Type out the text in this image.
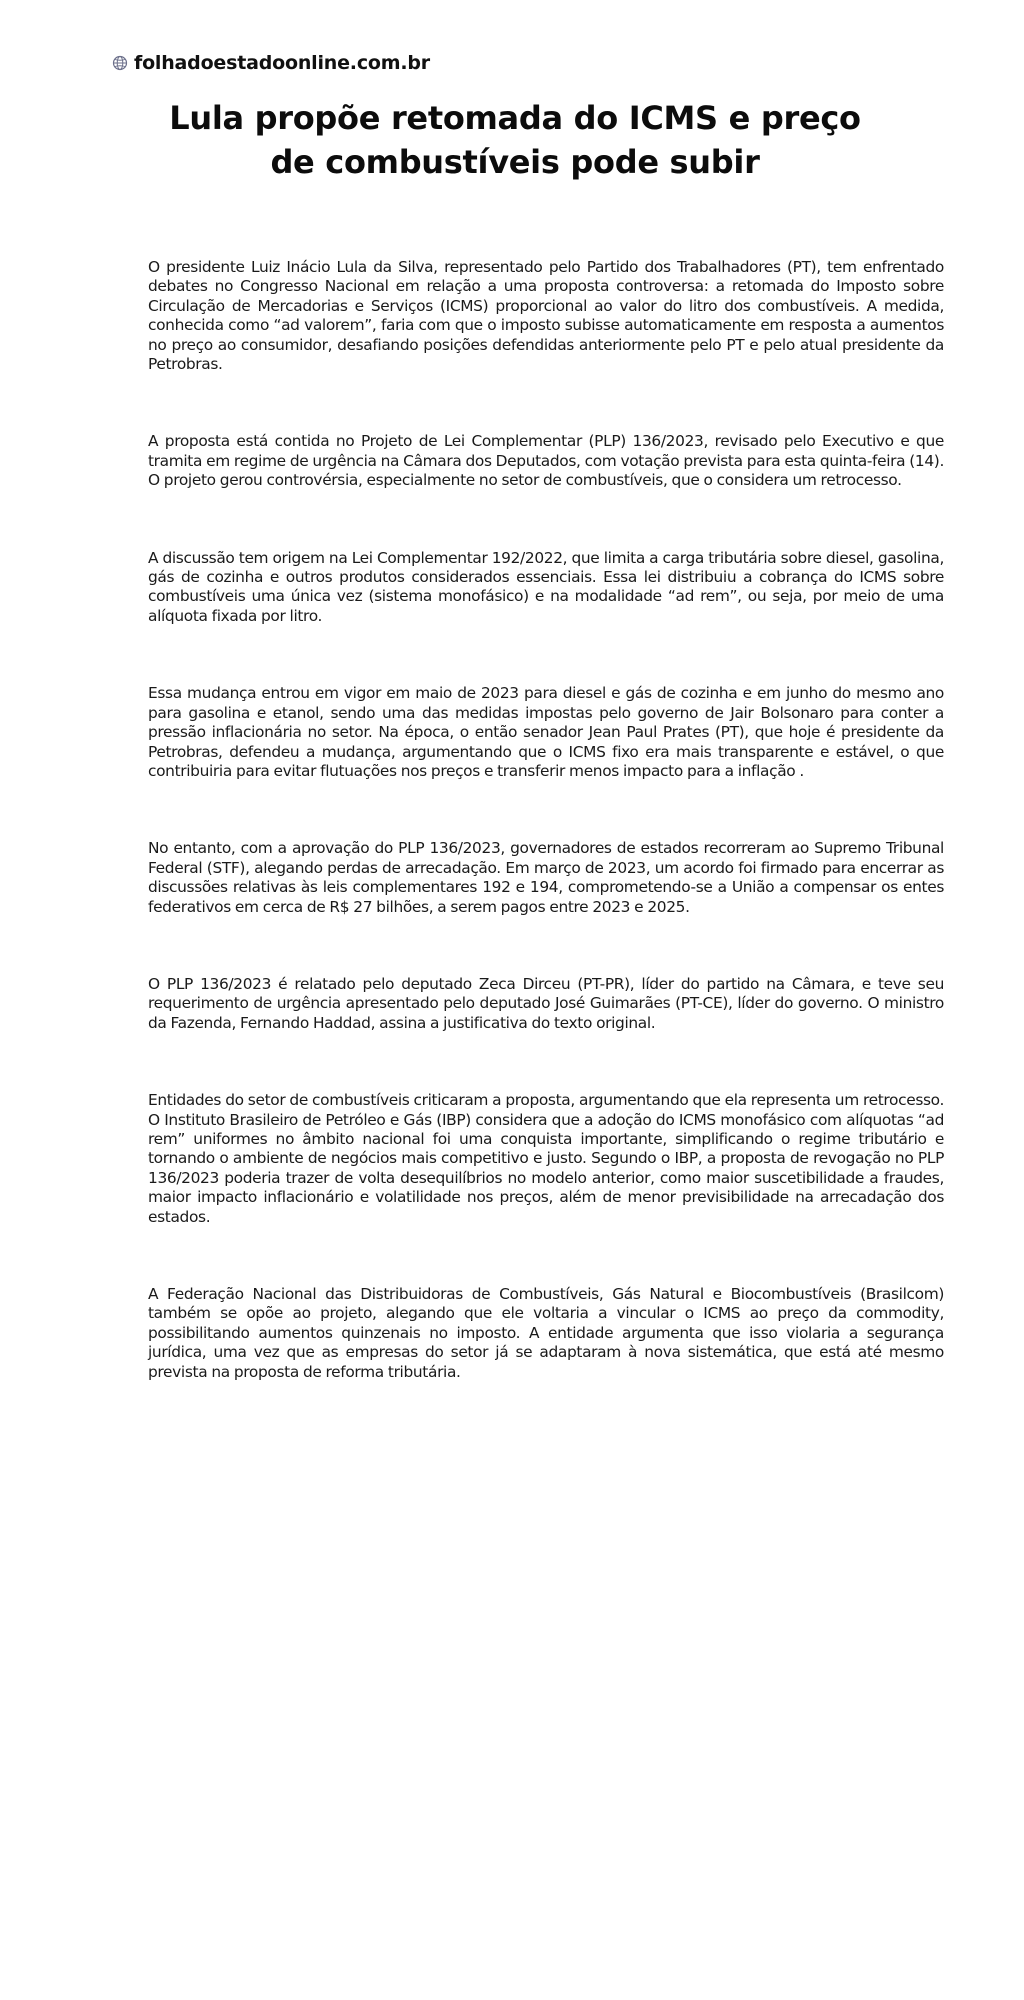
folhadoestadoonline.com.br
Lula propõe retomada do ICMS e preço de combustíveis pode subir

O presidente Luiz Inácio Lula da Silva, representado pelo Partido dos Trabalhadores (PT), tem enfrentado debates no Congresso Nacional em relação a uma proposta controversa: a retomada do Imposto sobre Circulação de Mercadorias e Serviços (ICMS) proporcional ao valor do litro dos combustíveis. A medida, conhecida como “ad valorem”, faria com que o imposto subisse automaticamente em resposta a aumentos no preço ao consumidor, desafiando posições defendidas anteriormente pelo PT e pelo atual presidente da Petrobras.

A proposta está contida no Projeto de Lei Complementar (PLP) 136/2023, revisado pelo Executivo e que tramita em regime de urgência na Câmara dos Deputados, com votação prevista para esta quinta-feira (14). O projeto gerou controvérsia, especialmente no setor de combustíveis, que o considera um retrocesso.

A discussão tem origem na Lei Complementar 192/2022, que limita a carga tributária sobre diesel, gasolina, gás de cozinha e outros produtos considerados essenciais. Essa lei distribuiu a cobrança do ICMS sobre combustíveis uma única vez (sistema monofásico) e na modalidade “ad rem”, ou seja, por meio de uma alíquota fixada por litro.

Essa mudança entrou em vigor em maio de 2023 para diesel e gás de cozinha e em junho do mesmo ano para gasolina e etanol, sendo uma das medidas impostas pelo governo de Jair Bolsonaro para conter a pressão inflacionária no setor. Na época, o então senador Jean Paul Prates (PT), que hoje é presidente da Petrobras, defendeu a mudança, argumentando que o ICMS fixo era mais transparente e estável, o que contribuiria para evitar flutuações nos preços e transferir menos impacto para a inflação .

No entanto, com a aprovação do PLP 136/2023, governadores de estados recorreram ao Supremo Tribunal Federal (STF), alegando perdas de arrecadação. Em março de 2023, um acordo foi firmado para encerrar as discussões relativas às leis complementares 192 e 194, comprometendo-se a União a compensar os entes federativos em cerca de R$ 27 bilhões, a serem pagos entre 2023 e 2025.

O PLP 136/2023 é relatado pelo deputado Zeca Dirceu (PT-PR), líder do partido na Câmara, e teve seu requerimento de urgência apresentado pelo deputado José Guimarães (PT-CE), líder do governo. O ministro da Fazenda, Fernando Haddad, assina a justificativa do texto original.

Entidades do setor de combustíveis criticaram a proposta, argumentando que ela representa um retrocesso. O Instituto Brasileiro de Petróleo e Gás (IBP) considera que a adoção do ICMS monofásico com alíquotas “ad rem” uniformes no âmbito nacional foi uma conquista importante, simplificando o regime tributário e tornando o ambiente de negócios mais competitivo e justo. Segundo o IBP, a proposta de revogação no PLP 136/2023 poderia trazer de volta desequilíbrios no modelo anterior, como maior suscetibilidade a fraudes, maior impacto inflacionário e volatilidade nos preços, além de menor previsibilidade na arrecadação dos estados.

A Federação Nacional das Distribuidoras de Combustíveis, Gás Natural e Biocombustíveis (Brasilcom) também se opõe ao projeto, alegando que ele voltaria a vincular o ICMS ao preço da commodity, possibilitando aumentos quinzenais no imposto. A entidade argumenta que isso violaria a segurança jurídica, uma vez que as empresas do setor já se adaptaram à nova sistemática, que está até mesmo prevista na proposta de reforma tributária.
